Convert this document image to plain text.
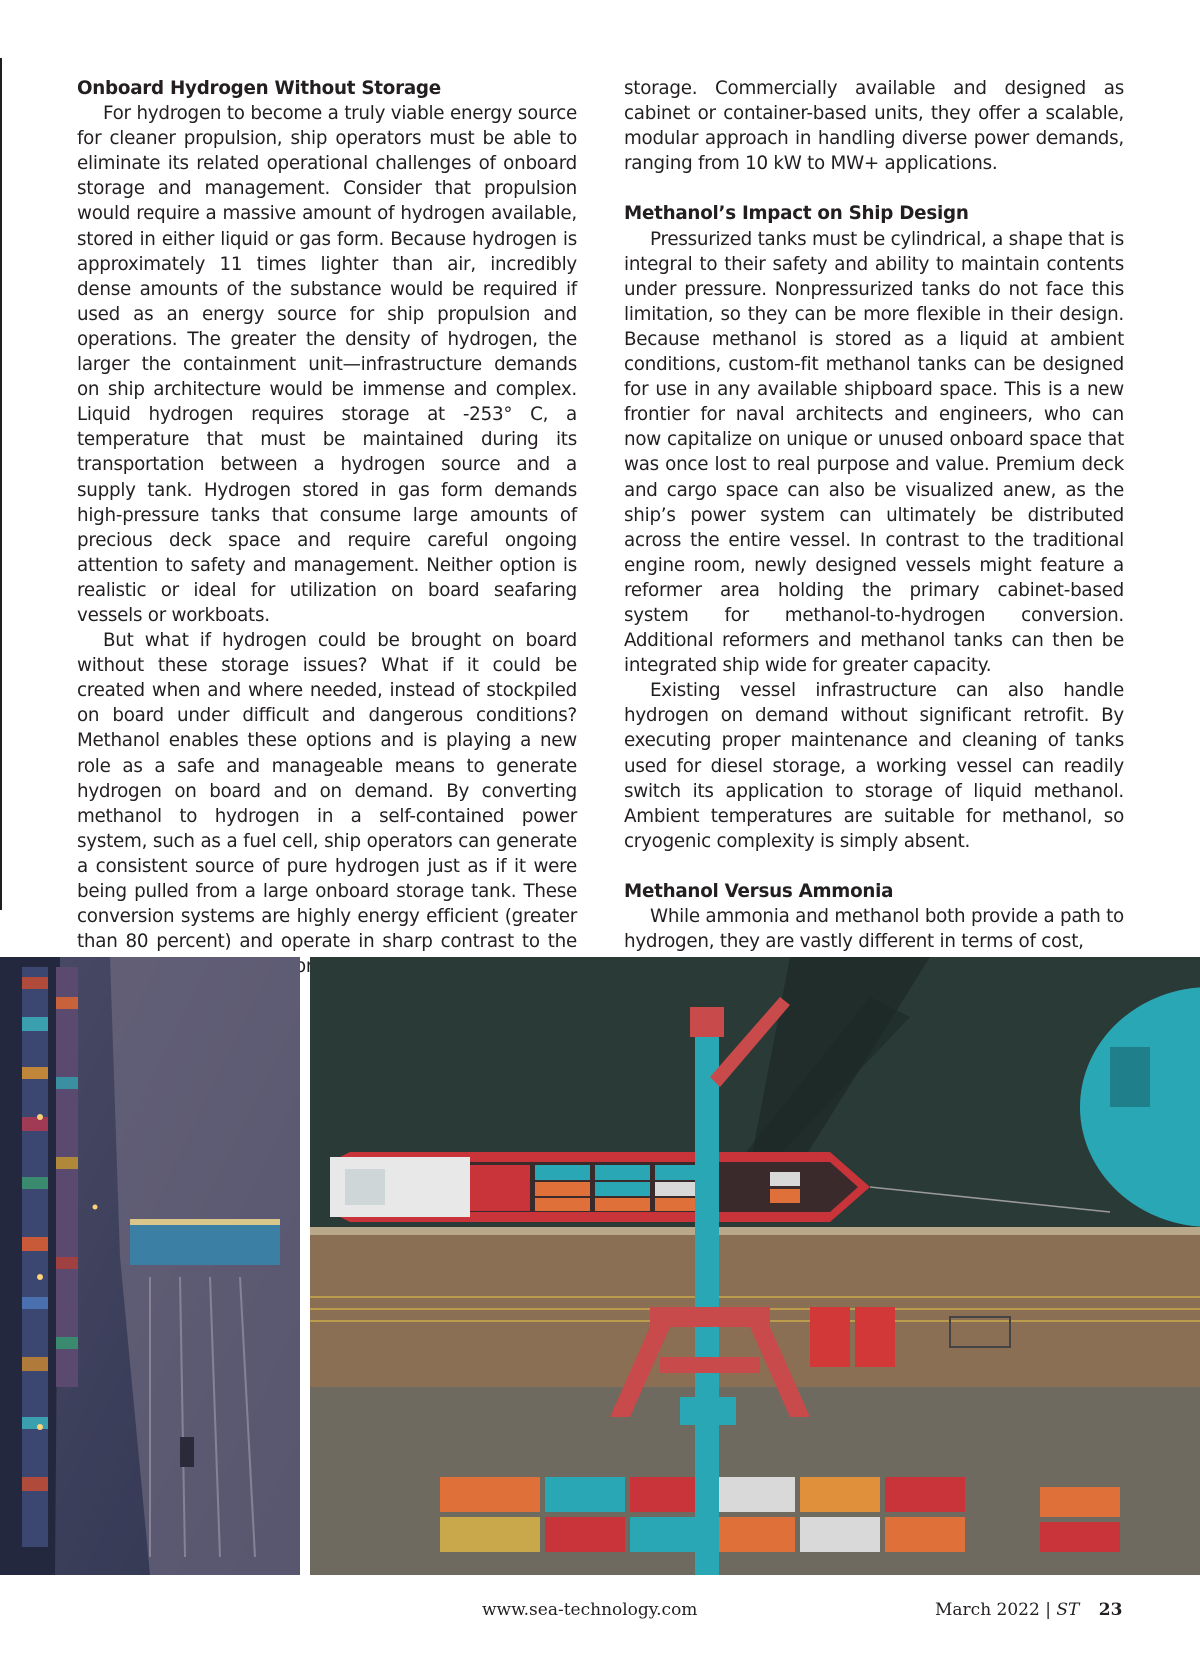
Onboard Hydrogen Without Storage

For hydrogen to become a truly viable energy source for cleaner propulsion, ship operators must be able to eliminate its related operational challenges of onboard storage and management. Consider that propulsion would require a massive amount of hydrogen available, stored in either liquid or gas form. Because hydrogen is approximately 11 times lighter than air, incredibly dense amounts of the substance would be required if used as an energy source for ship propulsion and operations. The greater the density of hydrogen, the larger the containment unit—infrastructure demands on ship architecture would be immense and complex. Liquid hydrogen requires storage at -253° C, a temperature that must be maintained during its transportation between a hydrogen source and a supply tank. Hydrogen stored in gas form demands high-pressure tanks that consume large amounts of precious deck space and require careful ongoing attention to safety and management. Neither option is realistic or ideal for utilization on board seafaring vessels or workboats.

But what if hydrogen could be brought on board without these storage issues? What if it could be created when and where needed, instead of stockpiled on board under difficult and dangerous conditions? Methanol enables these options and is playing a new role as a safe and manageable means to generate hydrogen on board and on demand. By converting methanol to hydrogen in a self-contained power system, such as a fuel cell, ship operators can generate a consistent source of pure hydrogen just as if it were being pulled from a large onboard storage tank. These conversion systems are highly energy efficient (greater than 80 percent) and operate in sharp contrast to the

storage. Commercially available and designed as cabinet or container-based units, they offer a scalable, modular approach in handling diverse power demands, ranging from 10 kW to MW+ applications.

Methanol’s Impact on Ship Design

Pressurized tanks must be cylindrical, a shape that is integral to their safety and ability to maintain contents under pressure. Nonpressurized tanks do not face this limitation, so they can be more flexible in their design. Because methanol is stored as a liquid at ambient conditions, custom-fit methanol tanks can be designed for use in any available shipboard space. This is a new frontier for naval architects and engineers, who can now capitalize on unique or unused onboard space that was once lost to real purpose and value. Premium deck and cargo space can also be visualized anew, as the ship’s power system can ultimately be distributed across the entire vessel. In contrast to the traditional engine room, newly designed vessels might feature a reformer area holding the primary cabinet-based system for methanol-to-hydrogen conversion. Additional reformers and methanol tanks can then be integrated ship wide for greater capacity.

Existing vessel infrastructure can also handle hydrogen on demand without significant retrofit. By executing proper maintenance and cleaning of tanks used for diesel storage, a working vessel can readily switch its application to storage of liquid methanol. Ambient temperatures are suitable for methanol, so cryogenic complexity is simply absent.

Methanol Versus Ammonia

While ammonia and methanol both provide a path to hydrogen, they are vastly different in terms of cost,

www.sea-technology.com	March 2022 | ST 23
